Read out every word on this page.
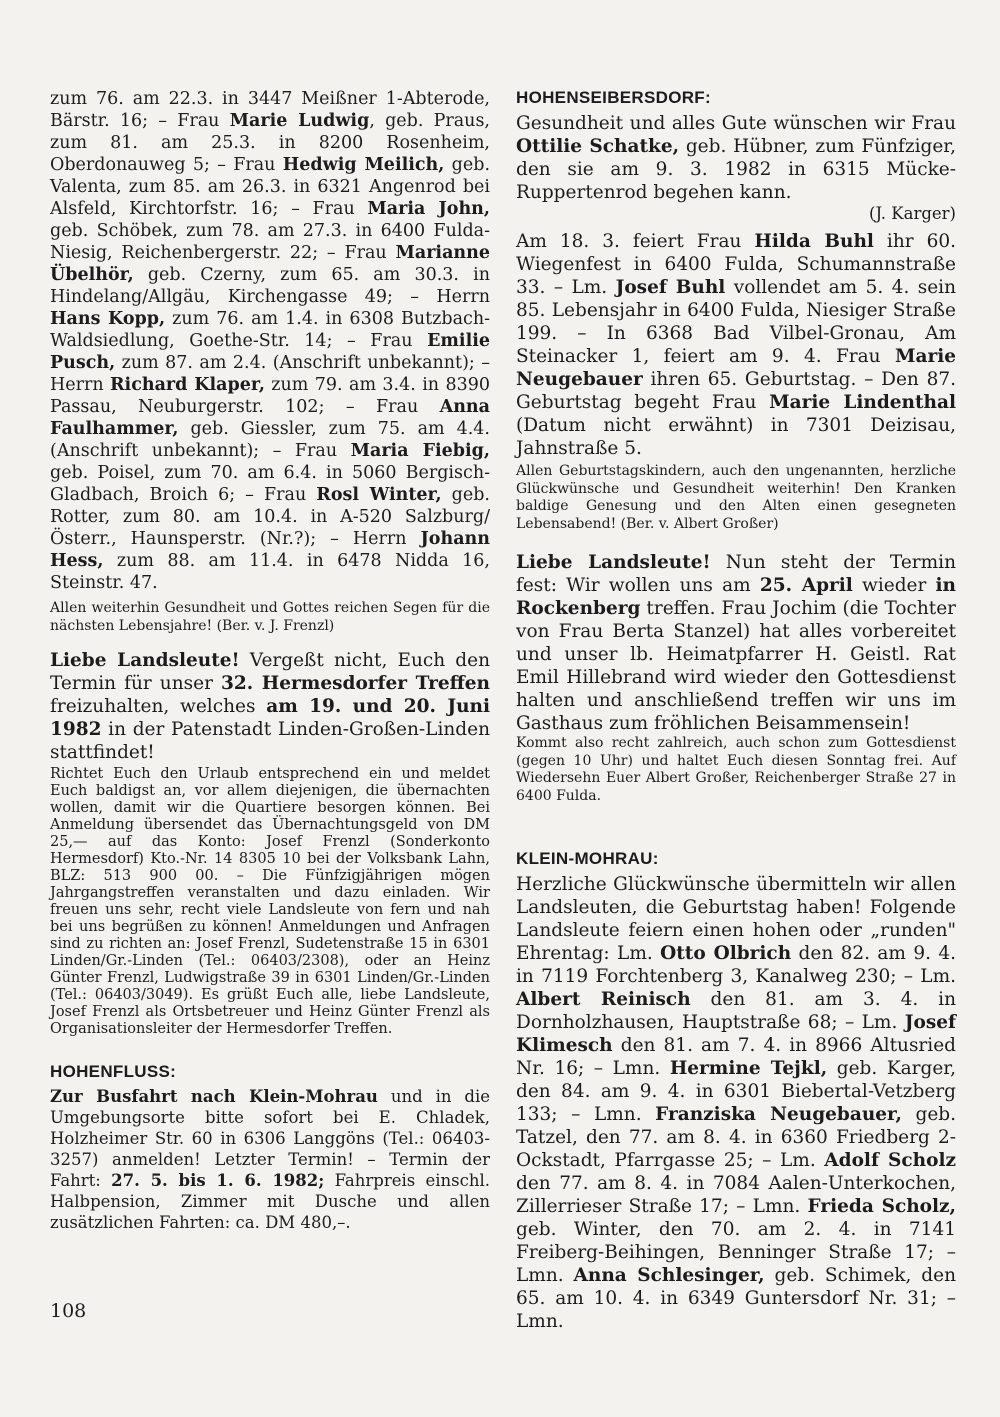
zum 76. am 22.3. in 3447 Meißner 1-Abterode, Bärstr. 16; – Frau Marie Ludwig, geb. Praus, zum 81. am 25.3. in 8200 Rosenheim, Oberdonauweg 5; – Frau Hedwig Meilich, geb. Valenta, zum 85. am 26.3. in 6321 Angenrod bei Alsfeld, Kirchtorfstr. 16; – Frau Maria John, geb. Schöbek, zum 78. am 27.3. in 6400 Fulda-Niesig, Reichenbergerstr. 22; – Frau Marianne Übelhör, geb. Czerny, zum 65. am 30.3. in Hindelang/Allgäu, Kirchengasse 49; – Herrn Hans Kopp, zum 76. am 1.4. in 6308 Butzbach-Waldsiedlung, Goethe-Str. 14; – Frau Emilie Pusch, zum 87. am 2.4. (Anschrift unbekannt); – Herrn Richard Klaper, zum 79. am 3.4. in 8390 Passau, Neuburgerstr. 102; – Frau Anna Faulhammer, geb. Giessler, zum 75. am 4.4. (Anschrift unbekannt); – Frau Maria Fiebig, geb. Poisel, zum 70. am 6.4. in 5060 Bergisch-Gladbach, Broich 6; – Frau Rosl Winter, geb. Rotter, zum 80. am 10.4. in A-520 Salzburg/Österr., Haunsperstr. (Nr.?); – Herrn Johann Hess, zum 88. am 11.4. in 6478 Nidda 16, Steinstr. 47.

Allen weiterhin Gesundheit und Gottes reichen Segen für die nächsten Lebensjahre! (Ber. v. J. Frenzl)

Liebe Landsleute! Vergeßt nicht, Euch den Termin für unser 32. Hermesdorfer Treffen freizuhalten, welches am 19. und 20. Juni 1982 in der Patenstadt Linden-Großen-Linden stattfindet!

Richtet Euch den Urlaub entsprechend ein und meldet Euch baldigst an, vor allem diejenigen, die übernachten wollen, damit wir die Quartiere besorgen können. Bei Anmeldung übersendet das Übernachtungsgeld von DM 25,— auf das Konto: Josef Frenzl (Sonderkonto Hermesdorf) Kto.-Nr. 14 8305 10 bei der Volksbank Lahn, BLZ: 513 900 00. – Die Fünfzigjährigen mögen Jahrgangstreffen veranstalten und dazu einladen. Wir freuen uns sehr, recht viele Landsleute von fern und nah bei uns begrüßen zu können! Anmeldungen und Anfragen sind zu richten an: Josef Frenzl, Sudetenstraße 15 in 6301 Linden/Gr.-Linden (Tel.: 06403/2308), oder an Heinz Günter Frenzl, Ludwigstraße 39 in 6301 Linden/Gr.-Linden (Tel.: 06403/3049). Es grüßt Euch alle, liebe Landsleute, Josef Frenzl als Ortsbetreuer und Heinz Günter Frenzl als Organisationsleiter der Hermesdorfer Treffen.

HOHENFLUSS:

Zur Busfahrt nach Klein-Mohrau und in die Umgebungsorte bitte sofort bei E. Chladek, Holzheimer Str. 60 in 6306 Langgöns (Tel.: 06403-3257) anmelden! Letzter Termin! – Termin der Fahrt: 27. 5. bis 1. 6. 1982; Fahrpreis einschl. Halbpension, Zimmer mit Dusche und allen zusätzlichen Fahrten: ca. DM 480,–.

HOHENSEIBERSDORF:

Gesundheit und alles Gute wünschen wir Frau Ottilie Schatke, geb. Hübner, zum Fünfziger, den sie am 9. 3. 1982 in 6315 Mücke-Ruppertenrod begehen kann.

(J. Karger)

Am 18. 3. feiert Frau Hilda Buhl ihr 60. Wiegenfest in 6400 Fulda, Schumannstraße 33. – Lm. Josef Buhl vollendet am 5. 4. sein 85. Lebensjahr in 6400 Fulda, Niesiger Straße 199. – In 6368 Bad Vilbel-Gronau, Am Steinacker 1, feiert am 9. 4. Frau Marie Neugebauer ihren 65. Geburtstag. – Den 87. Geburtstag begeht Frau Marie Lindenthal (Datum nicht erwähnt) in 7301 Deizisau, Jahnstraße 5.

Allen Geburtstagskindern, auch den ungenannten, herzliche Glückwünsche und Gesundheit weiterhin! Den Kranken baldige Genesung und den Alten einen gesegneten Lebensabend! (Ber. v. Albert Großer)

Liebe Landsleute! Nun steht der Termin fest: Wir wollen uns am 25. April wieder in Rockenberg treffen. Frau Jochim (die Tochter von Frau Berta Stanzel) hat alles vorbereitet und unser lb. Heimatpfarrer H. Geistl. Rat Emil Hillebrand wird wieder den Gottesdienst halten und anschließend treffen wir uns im Gasthaus zum fröhlichen Beisammensein!

Kommt also recht zahlreich, auch schon zum Gottesdienst (gegen 10 Uhr) und haltet Euch diesen Sonntag frei. Auf Wiedersehn Euer Albert Großer, Reichenberger Straße 27 in 6400 Fulda.

KLEIN-MOHRAU:

Herzliche Glückwünsche übermitteln wir allen Landsleuten, die Geburtstag haben! Folgende Landsleute feiern einen hohen oder „runden" Ehrentag: Lm. Otto Olbrich den 82. am 9. 4. in 7119 Forchtenberg 3, Kanalweg 230; – Lm. Albert Reinisch den 81. am 3. 4. in Dornholzhausen, Hauptstraße 68; – Lm. Josef Klimesch den 81. am 7. 4. in 8966 Altusried Nr. 16; – Lmn. Hermine Tejkl, geb. Karger, den 84. am 9. 4. in 6301 Biebertal-Vetzberg 133; – Lmn. Franziska Neugebauer, geb. Tatzel, den 77. am 8. 4. in 6360 Friedberg 2-Ockstadt, Pfarrgasse 25; – Lm. Adolf Scholz den 77. am 8. 4. in 7084 Aalen-Unterkochen, Zillerrieser Straße 17; – Lmn. Frieda Scholz, geb. Winter, den 70. am 2. 4. in 7141 Freiberg-Beihingen, Benninger Straße 17; – Lmn. Anna Schlesinger, geb. Schimek, den 65. am 10. 4. in 6349 Guntersdorf Nr. 31; – Lmn.

108
